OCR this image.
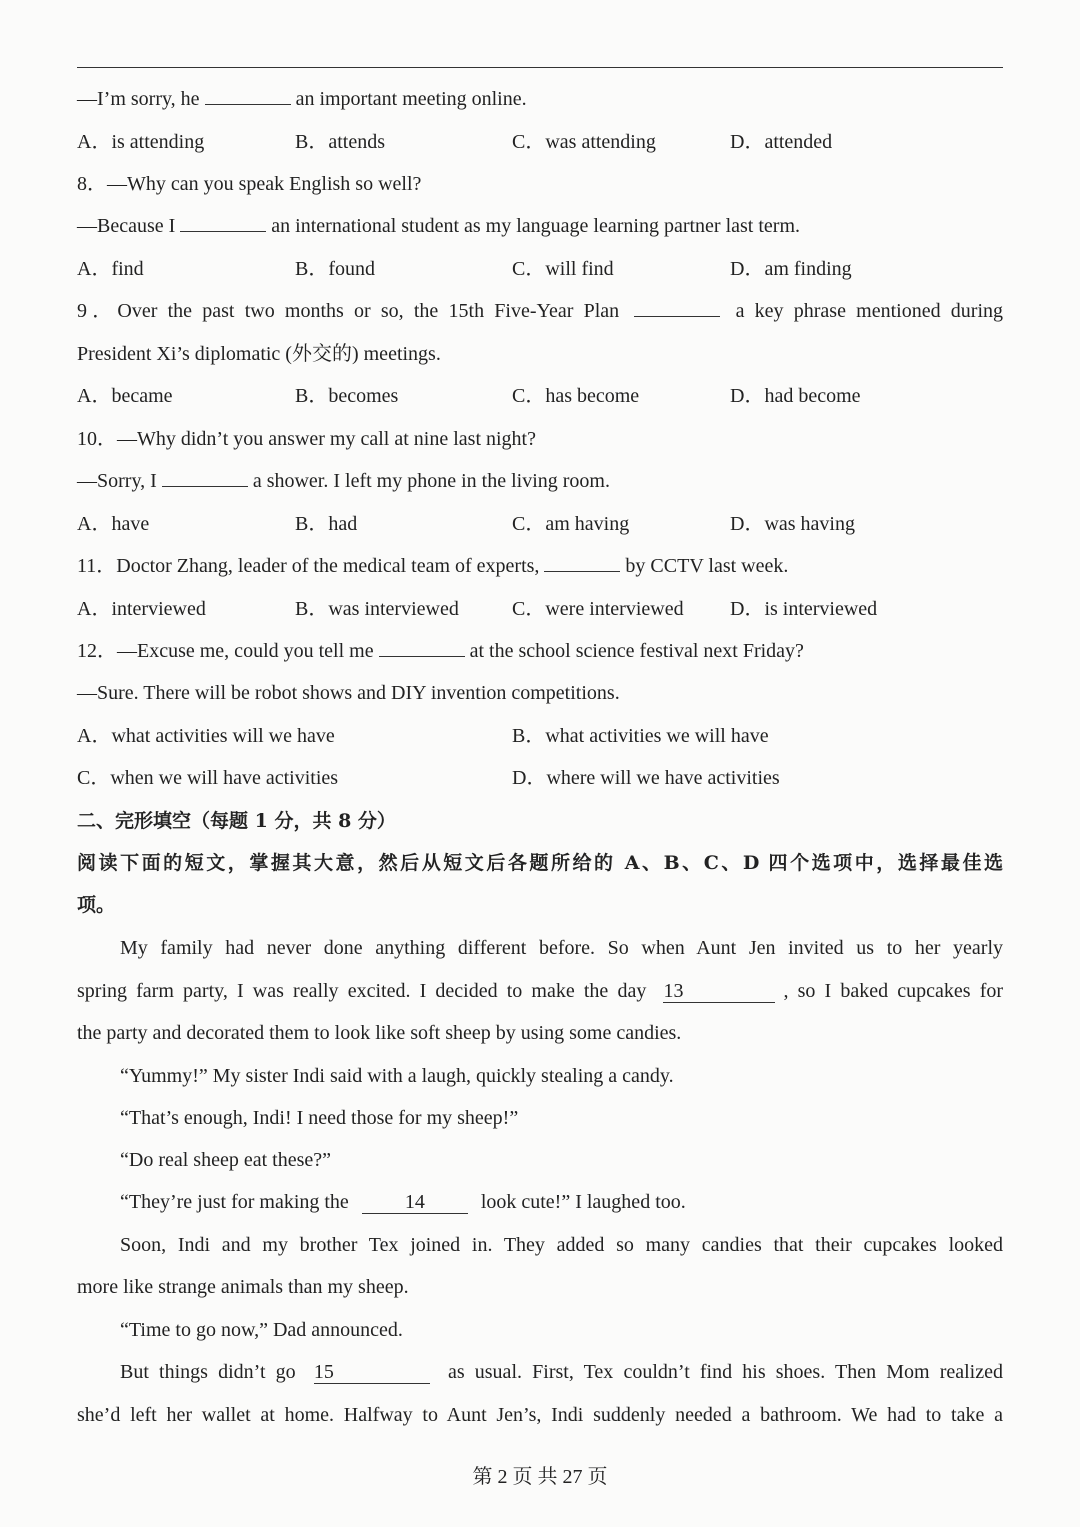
—I’m sorry, he	an important meeting online.
A．is attending	B．attends	C．was attending	D．attended
8．—Why can you speak English so well?
—Because I	an international student as my language learning partner last term.
A．find	B．found	C．will find	D．am finding
9．Over the past two months or so, the 15th Five-Year Plan	a key phrase mentioned during
President Xi’s diplomatic (外交的) meetings.
A．became	B．becomes	C．has become	D．had become
10．—Why didn’t you answer my call at nine last night?
—Sorry, I	a shower. I left my phone in the living room.
A．have	B．had	C．am having	D．was having
11．Doctor Zhang, leader of the medical team of experts,	by CCTV last week.
A．interviewed	B．was interviewed	C．were interviewed D．is interviewed
12．—Excuse me, could you tell me	at the school science festival next Friday?
—Sure. There will be robot shows and DIY invention competitions.
A．what activities will we have	B．what activities we will have
C．when we will have activities	D．where will we have activities
二、完形填空（每题 1 分，共 8 分）
阅读下面的短文，掌握其大意，然后从短文后各题所给的 A、B、C、D 四个选项中，选择最佳选
项。
My family had never done anything different before. So when Aunt Jen invited us to her yearly
spring farm party, I was really excited. I decided to make the day 13	, so I baked cupcakes for
the party and decorated them to look like soft sheep by using some candies.
“Yummy!” My sister Indi said with a laugh, quickly stealing a candy.
“That’s enough, Indi! I need those for my sheep!”
“Do real sheep eat these?”
“They’re just for making the	14	look cute!” I laughed too.
Soon, Indi and my brother Tex joined in. They added so many candies that their cupcakes looked
more like strange animals than my sheep.
“Time to go now,” Dad announced.
But things didn’t go 15	as usual. First, Tex couldn’t find his shoes. Then Mom realized
she’d left her wallet at home. Halfway to Aunt Jen’s, Indi suddenly needed a bathroom. We had to take a
第 2 页 共 27 页
